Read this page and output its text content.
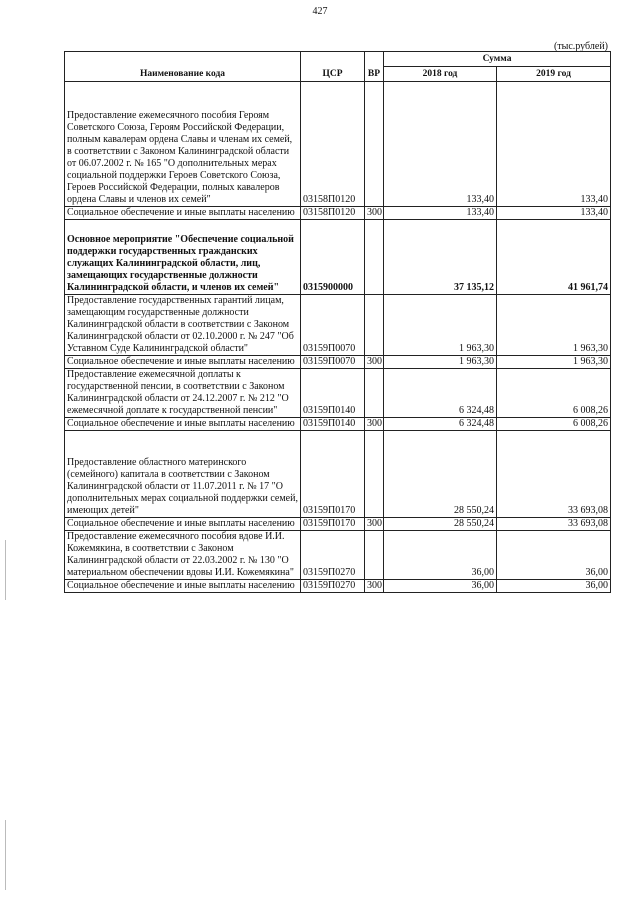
427
(тыс.рублей)
Наименование кода	ЦСР	ВР	Сумма	
			2018 год	2019 год
Предоставление ежемесячного пособия Героям Советского Союза, Героям Российской Федерации, полным кавалерам ордена Славы и членам их семей, в соответствии с Законом Калининградской области от 06.07.2002 г. № 165 "О дополнительных мерах социальной поддержки Героев Советского Союза, Героев Российской Федерации, полных кавалеров ордена Славы и членов их семей"	03158П0120		133,40	133,40
Социальное обеспечение и иные выплаты населению	03158П0120	300	133,40	133,40
Основное мероприятие "Обеспечение социальной поддержки государственных гражданских служащих Калининградской области, лиц, замещающих государственные должности Калининградской области, и членов их семей"	0315900000		37 135,12	41 961,74
Предоставление государственных гарантий лицам, замещающим государственные должности Калининградской области в соответствии с Законом Калининградской области от 02.10.2000 г. № 247 "Об Уставном Суде Калининградской области"	03159П0070		1 963,30	1 963,30
Социальное обеспечение и иные выплаты населению	03159П0070	300	1 963,30	1 963,30
Предоставление ежемесячной доплаты к государственной пенсии, в соответствии с Законом Калининградской области от 24.12.2007 г. № 212 "О ежемесячной доплате к государственной пенсии"	03159П0140		6 324,48	6 008,26
Социальное обеспечение и иные выплаты населению	03159П0140	300	6 324,48	6 008,26
Предоставление областного материнского (семейного) капитала в соответствии с Законом Калининградской области от 11.07.2011 г. № 17 "О дополнительных мерах социальной поддержки семей, имеющих детей"	03159П0170		28 550,24	33 693,08
Социальное обеспечение и иные выплаты населению	03159П0170	300	28 550,24	33 693,08
Предоставление ежемесячного пособия вдове И.И. Кожемякина, в соответствии с Законом Калининградской области от 22.03.2002 г. № 130 "О материальном обеспечении вдовы И.И. Кожемякина"	03159П0270		36,00	36,00
Социальное обеспечение и иные выплаты населению	03159П0270	300	36,00	36,00
